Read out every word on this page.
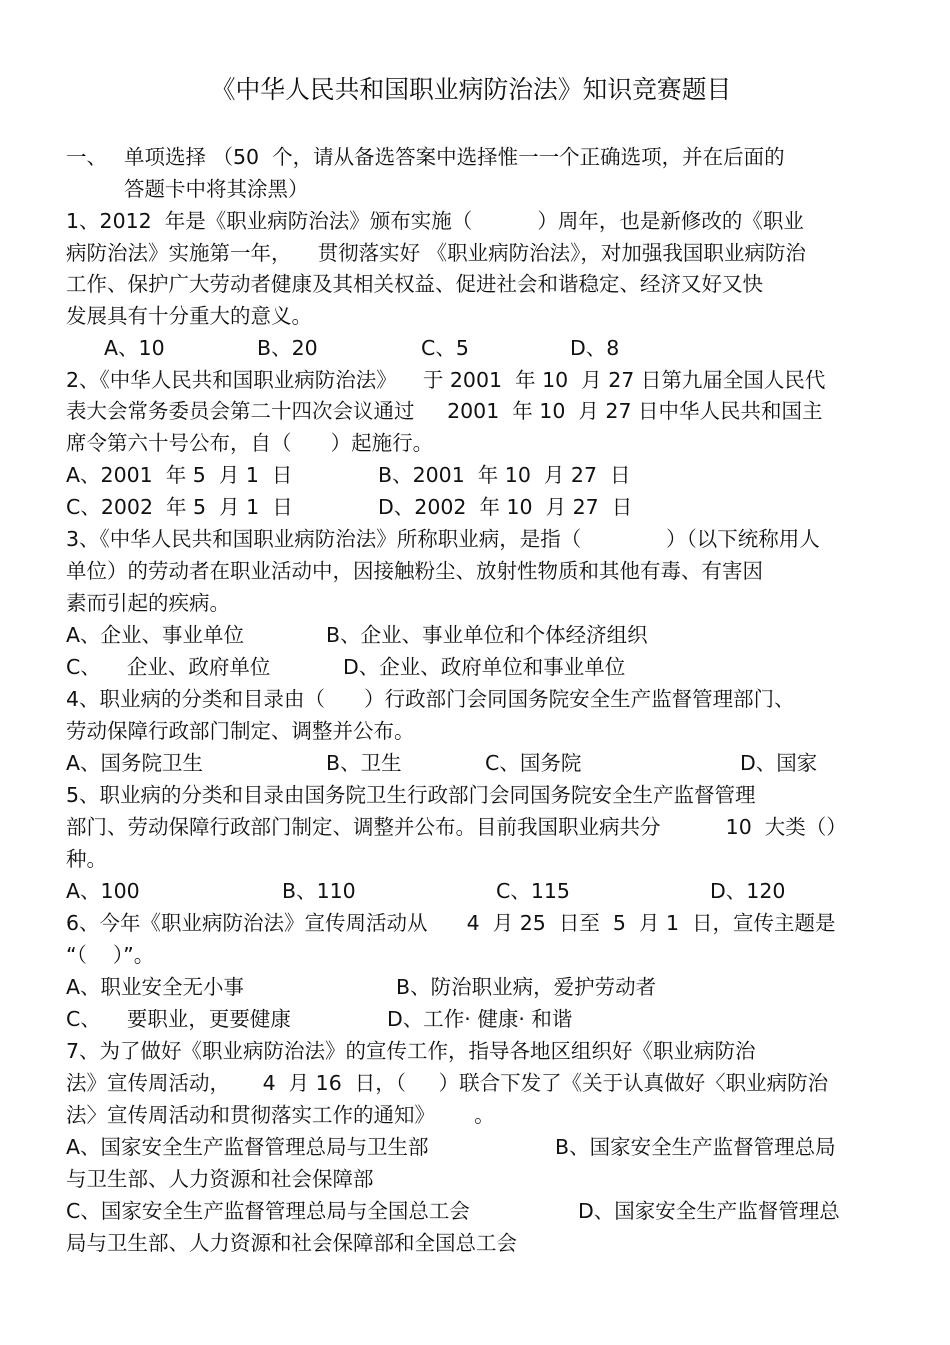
《中华人民共和国职业病防治法》知识竞赛题目
一、 单项选择 （50  个，请从备选答案中选择惟一一个正确选项，并在后面的
答题卡中将其涂黑）
1、2012  年是《职业病防治法》颁布实施（          ）周年，也是新修改的《职业
病防治法》实施第一年，    贯彻落实好 《职业病防治法》，对加强我国职业病防治
工作、保护广大劳动者健康及其相关权益、促进社会和谐稳定、经济又好又快
发展具有十分重大的意义。
A、10	B、20	C、5	D、8
2、《中华人民共和国职业病防治法》    于 2001  年 10  月 27 日第九届全国人民代
表大会常务委员会第二十四次会议通过     2001  年 10  月 27 日中华人民共和国主
席令第六十号公布，自（      ）起施行。
A、2001  年 5  月 1  日	B、2001  年 10  月 27  日
C、2002  年 5  月 1  日	D、2002  年 10  月 27  日
3、《中华人民共和国职业病防治法》所称职业病，是指（             ）（以下统称用人
单位）的劳动者在职业活动中，因接触粉尘、放射性物质和其他有毒、有害因
素而引起的疾病。
A、企业、事业单位	B、企业、事业单位和个体经济组织
C、    企业、政府单位	D、企业、政府单位和事业单位
4、职业病的分类和目录由（      ）行政部门会同国务院安全生产监督管理部门、
劳动保障行政部门制定、调整并公布。
A、国务院卫生	B、卫生	C、国务院	D、国家
5、职业病的分类和目录由国务院卫生行政部门会同国务院安全生产监督管理
部门、劳动保障行政部门制定、调整并公布。目前我国职业病共分          10  大类（）
种。
A、100	B、110	C、115	D、120
6、今年《职业病防治法》宣传周活动从      4  月 25  日至  5  月 1  日，宣传主题是
“（    ）”。
A、职业安全无小事	B、防治职业病，爱护劳动者
C、    要职业，更要健康	D、工作· 健康· 和谐
7、为了做好《职业病防治法》的宣传工作，指导各地区组织好《职业病防治
法》宣传周活动，     4  月 16  日，（     ）联合下发了《关于认真做好〈职业病防治
法〉宣传周活动和贯彻落实工作的通知》      。
A、国家安全生产监督管理总局与卫生部	B、国家安全生产监督管理总局
与卫生部、人力资源和社会保障部
C、国家安全生产监督管理总局与全国总工会	D、国家安全生产监督管理总
局与卫生部、人力资源和社会保障部和全国总工会
